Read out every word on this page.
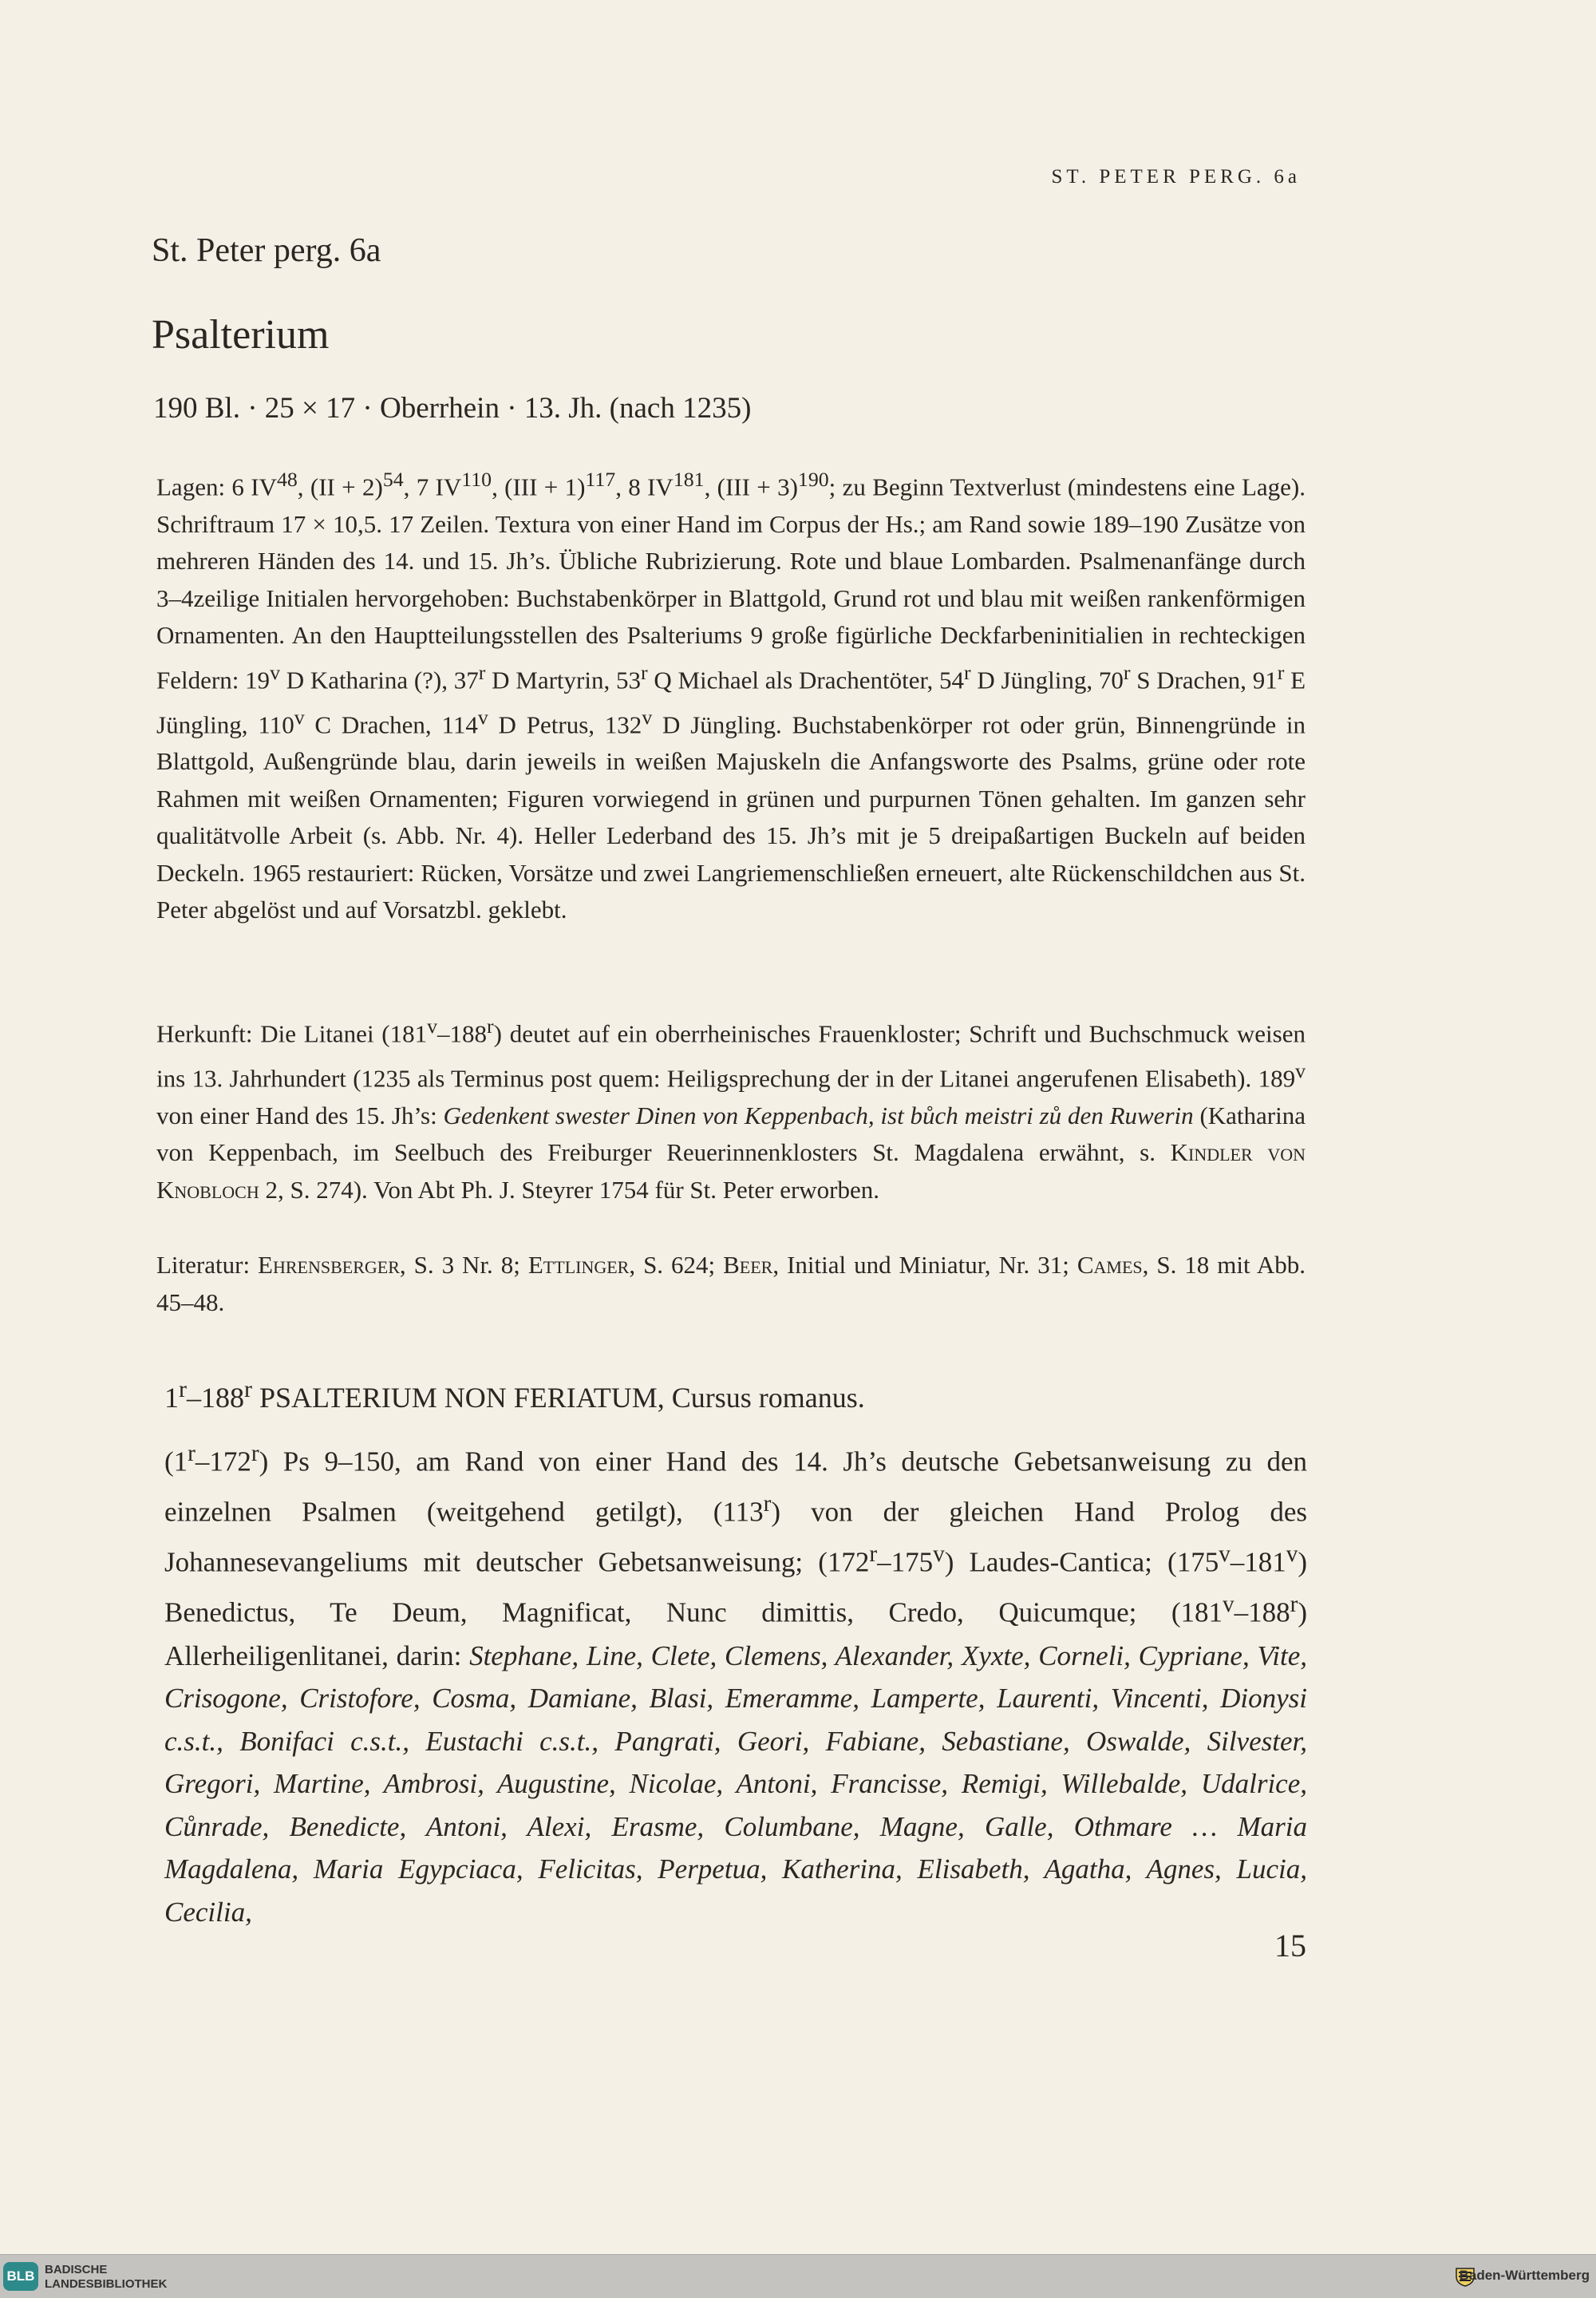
ST. PETER PERG. 6a
St. Peter perg. 6a
Psalterium
190 Bl. · 25 × 17 · Oberrhein · 13. Jh. (nach 1235)

Lagen: 6 IV$^{48}$, (II + 2)$^{54}$, 7 IV$^{110}$, (III + 1)$^{117}$, 8 IV$^{181}$, (III + 3)$^{190}$; zu Beginn Textverlust (mindestens eine Lage). Schriftraum 17 × 10,5. 17 Zeilen. Textura von einer Hand im Corpus der Hs.; am Rand sowie 189–190 Zusätze von mehreren Händen des 14. und 15. Jh’s. Übliche Rubrizierung. Rote und blaue Lombarden. Psalmenanfänge durch 3–4zeilige Initialen hervorgehoben: Buchstabenkörper in Blattgold, Grund rot und blau mit weißen rankenförmigen Ornamenten. An den Hauptteilungsstellen des Psalteriums 9 große figürliche Deckfarbeninitialien in rechteckigen Feldern: 19$^v$ D Katharina (?), 37$^r$ D Martyrin, 53$^r$ Q Michael als Drachentöter, 54$^r$ D Jüngling, 70$^r$ S Drachen, 91$^r$ E Jüngling, 110$^v$ C Drachen, 114$^v$ D Petrus, 132$^v$ D Jüngling. Buchstabenkörper rot oder grün, Binnengründe in Blattgold, Außengründe blau, darin jeweils in weißen Majuskeln die Anfangsworte des Psalms, grüne oder rote Rahmen mit weißen Ornamenten; Figuren vorwiegend in grünen und purpurnen Tönen gehalten. Im ganzen sehr qualitätvolle Arbeit (s. Abb. Nr. 4). Heller Lederband des 15. Jh’s mit je 5 dreipaßartigen Buckeln auf beiden Deckeln. 1965 restauriert: Rücken, Vorsätze und zwei Langriemenschließen erneuert, alte Rückenschildchen aus St. Peter abgelöst und auf Vorsatzbl. geklebt.

Herkunft: Die Litanei (181$^v$–188$^r$) deutet auf ein oberrheinisches Frauenkloster; Schrift und Buchschmuck weisen ins 13. Jahrhundert (1235 als Terminus post quem: Heiligsprechung der in der Litanei angerufenen Elisabeth). 189$^v$ von einer Hand des 15. Jh’s: Gedenkent swester Dinen von Keppenbach, ist bůch meistri zů den Ruwerin (Katharina von Keppenbach, im Seelbuch des Freiburger Reuerinnenklosters St. Magdalena erwähnt, s. Kindler von Knobloch 2, S. 274). Von Abt Ph. J. Steyrer 1754 für St. Peter erworben.

Literatur: Ehrensberger, S. 3 Nr. 8; Ettlinger, S. 624; Beer, Initial und Miniatur, Nr. 31; Cames, S. 18 mit Abb. 45–48.

1$^r$–188$^r$ PSALTERIUM NON FERIATUM, Cursus romanus.

(1$^r$–172$^r$) Ps 9–150, am Rand von einer Hand des 14. Jh’s deutsche Gebetsanweisung zu den einzelnen Psalmen (weitgehend getilgt), (113$^r$) von der gleichen Hand Prolog des Johannesevangeliums mit deutscher Gebetsanweisung; (172$^r$–175$^v$) Laudes-Cantica; (175$^v$–181$^v$) Benedictus, Te Deum, Magnificat, Nunc dimittis, Credo, Quicumque; (181$^v$–188$^r$) Allerheiligenlitanei, darin: Stephane, Line, Clete, Clemens, Alexander, Xyxte, Corneli, Cypriane, Vite, Crisogone, Cristofore, Cosma, Damiane, Blasi, Emeramme, Lamperte, Laurenti, Vincenti, Dionysi c.s.t., Bonifaci c.s.t., Eustachi c.s.t., Pangrati, Geori, Fabiane, Sebastiane, Oswalde, Silvester, Gregori, Martine, Ambrosi, Augustine, Nicolae, Antoni, Francisse, Remigi, Willebalde, Udalrice, Cůnrade, Benedicte, Antoni, Alexi, Erasme, Columbane, Magne, Galle, Othmare … Maria Magdalena, Maria Egypciaca, Felicitas, Perpetua, Katherina, Elisabeth, Agatha, Agnes, Lucia, Cecilia,

15
BLB BADISCHE
LANDESBIBLIOTHEK
Baden-Württemberg
